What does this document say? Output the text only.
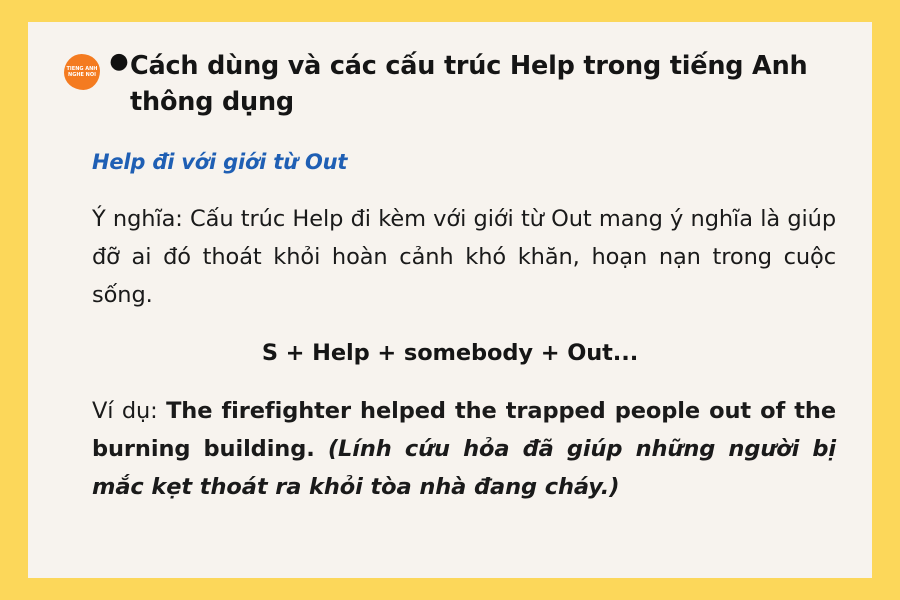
TIENG ANH
NGHE NOI
● Cách dùng và các cấu trúc Help trong tiếng Anh thông dụng
Help đi với giới từ Out
Ý nghĩa: Cấu trúc Help đi kèm với giới từ Out mang ý nghĩa là giúp đỡ ai đó thoát khỏi hoàn cảnh khó khăn, hoạn nạn trong cuộc sống.
S + Help + somebody + Out...
Ví dụ: The firefighter helped the trapped people out of the burning building. (Lính cứu hỏa đã giúp những người bị mắc kẹt thoát ra khỏi tòa nhà đang cháy.)
